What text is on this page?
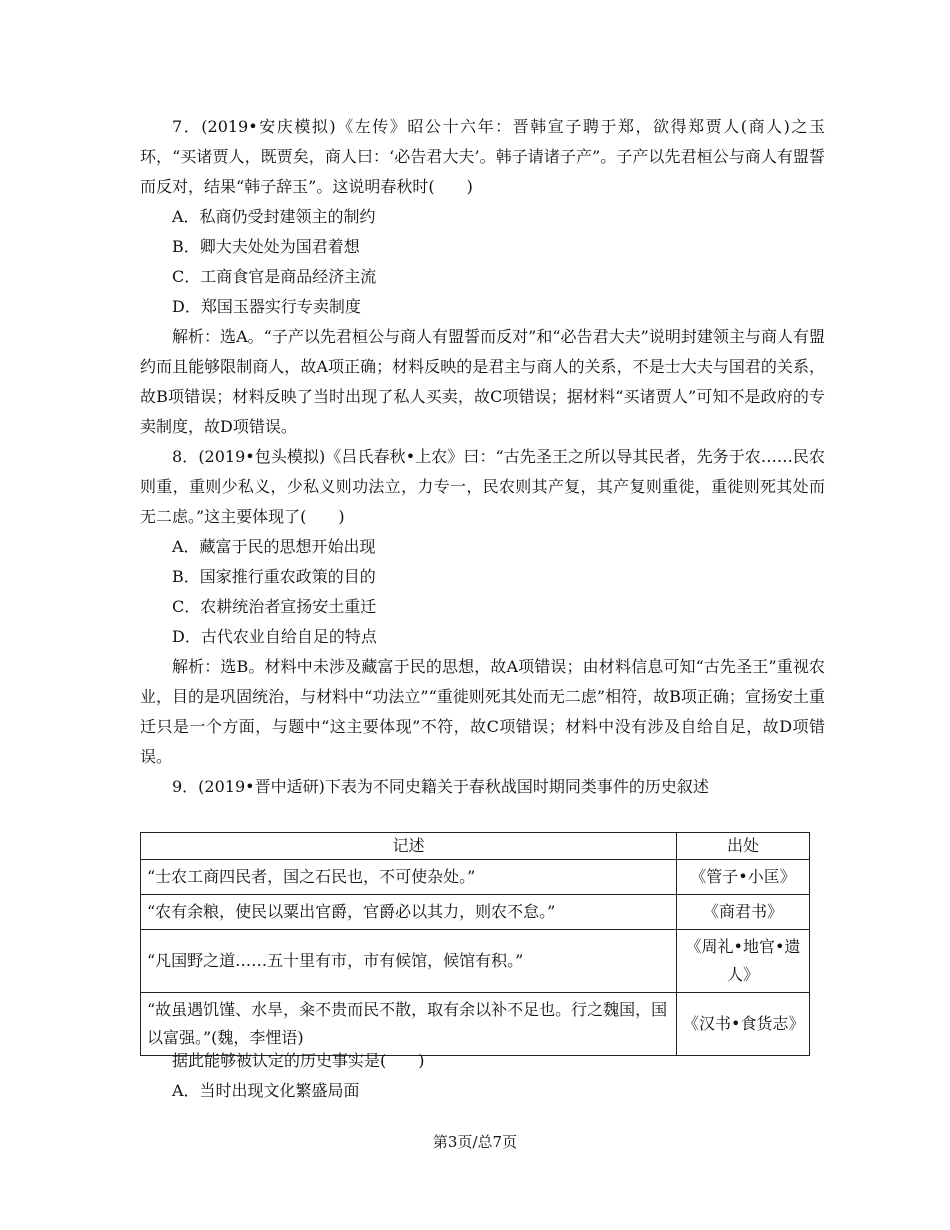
7．(2019•安庆模拟)《左传》昭公十六年：晋韩宣子聘于郑，欲得郑贾人(商人)之玉环，“买诸贾人，既贾矣，商人曰：‘必告君大夫’。韩子请诸子产”。子产以先君桓公与商人有盟誓而反对，结果“韩子辞玉”。这说明春秋时(　　)

A．私商仍受封建领主的制约

B．卿大夫处处为国君着想

C．工商食官是商品经济主流

D．郑国玉器实行专卖制度

解析：选A。“子产以先君桓公与商人有盟誓而反对”和“必告君大夫”说明封建领主与商人有盟约而且能够限制商人，故A项正确；材料反映的是君主与商人的关系，不是士大夫与国君的关系，故B项错误；材料反映了当时出现了私人买卖，故C项错误；据材料“买诸贾人”可知不是政府的专卖制度，故D项错误。

8．(2019•包头模拟)《吕氏春秋•上农》曰：“古先圣王之所以导其民者，先务于农……民农则重，重则少私义，少私义则功法立，力专一，民农则其产复，其产复则重徙，重徙则死其处而无二虑。”这主要体现了(　　)

A．藏富于民的思想开始出现

B．国家推行重农政策的目的

C．农耕统治者宣扬安土重迁

D．古代农业自给自足的特点

解析：选B。材料中未涉及藏富于民的思想，故A项错误；由材料信息可知“古先圣王”重视农业，目的是巩固统治，与材料中“功法立”“重徙则死其处而无二虑”相符，故B项正确；宣扬安土重迁只是一个方面，与题中“这主要体现”不符，故C项错误；材料中没有涉及自给自足，故D项错误。

9．(2019•晋中适研)下表为不同史籍关于春秋战国时期同类事件的历史叙述

记述	出处
“士农工商四民者，国之石民也，不可使杂处。”	《管子•小匡》
“农有余粮，使民以粟出官爵，官爵必以其力，则农不怠。”	《商君书》
“凡国野之道……五十里有市，市有候馆，候馆有积。”	《周礼•地官•遗人》
“故虽遇饥馑、水旱，籴不贵而民不散，取有余以补不足也。行之魏国，国以富强。”(魏，李悝语)	《汉书•食货志》

据此能够被认定的历史事实是(　　)

A．当时出现文化繁盛局面

第3页/总7页
